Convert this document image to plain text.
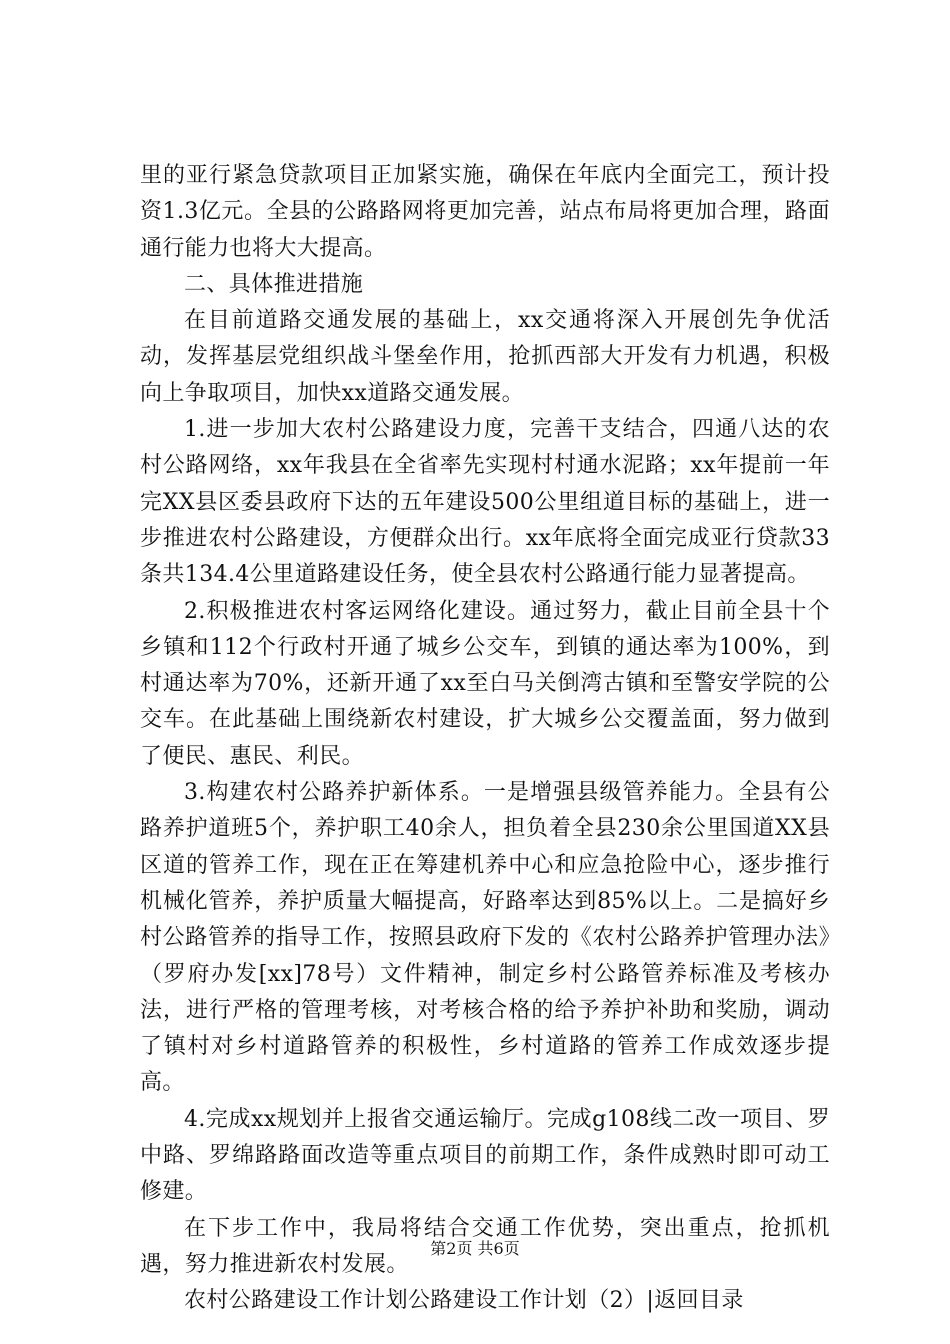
里的亚行紧急贷款项目正加紧实施，确保在年底内全面完工，预计投资1.3亿元。全县的公路路网将更加完善，站点布局将更加合理，路面通行能力也将大大提高。

二、具体推进措施

在目前道路交通发展的基础上，xx交通将深入开展创先争优活动，发挥基层党组织战斗堡垒作用，抢抓西部大开发有力机遇，积极向上争取项目，加快xx道路交通发展。

1.进一步加大农村公路建设力度，完善干支结合，四通八达的农村公路网络，xx年我县在全省率先实现村村通水泥路；xx年提前一年完XX县区委县政府下达的五年建设500公里组道目标的基础上，进一步推进农村公路建设，方便群众出行。xx年底将全面完成亚行贷款33条共134.4公里道路建设任务，使全县农村公路通行能力显著提高。

2.积极推进农村客运网络化建设。通过努力，截止目前全县十个乡镇和112个行政村开通了城乡公交车，到镇的通达率为100%，到村通达率为70%，还新开通了xx至白马关倒湾古镇和至警安学院的公交车。在此基础上围绕新农村建设，扩大城乡公交覆盖面，努力做到了便民、惠民、利民。

3.构建农村公路养护新体系。一是增强县级管养能力。全县有公路养护道班5个，养护职工40余人，担负着全县230余公里国道XX县区道的管养工作，现在正在筹建机养中心和应急抢险中心，逐步推行机械化管养，养护质量大幅提高，好路率达到85%以上。二是搞好乡村公路管养的指导工作，按照县政府下发的《农村公路养护管理办法》（罗府办发[xx]78号）文件精神，制定乡村公路管养标准及考核办法，进行严格的管理考核，对考核合格的给予养护补助和奖励，调动了镇村对乡村道路管养的积极性，乡村道路的管养工作成效逐步提高。

4.完成xx规划并上报省交通运输厅。完成g108线二改一项目、罗中路、罗绵路路面改造等重点项目的前期工作，条件成熟时即可动工修建。

在下步工作中，我局将结合交通工作优势，突出重点，抢抓机遇，努力推进新农村发展。

农村公路建设工作计划公路建设工作计划（2）|返回目录

第2页 共6页
